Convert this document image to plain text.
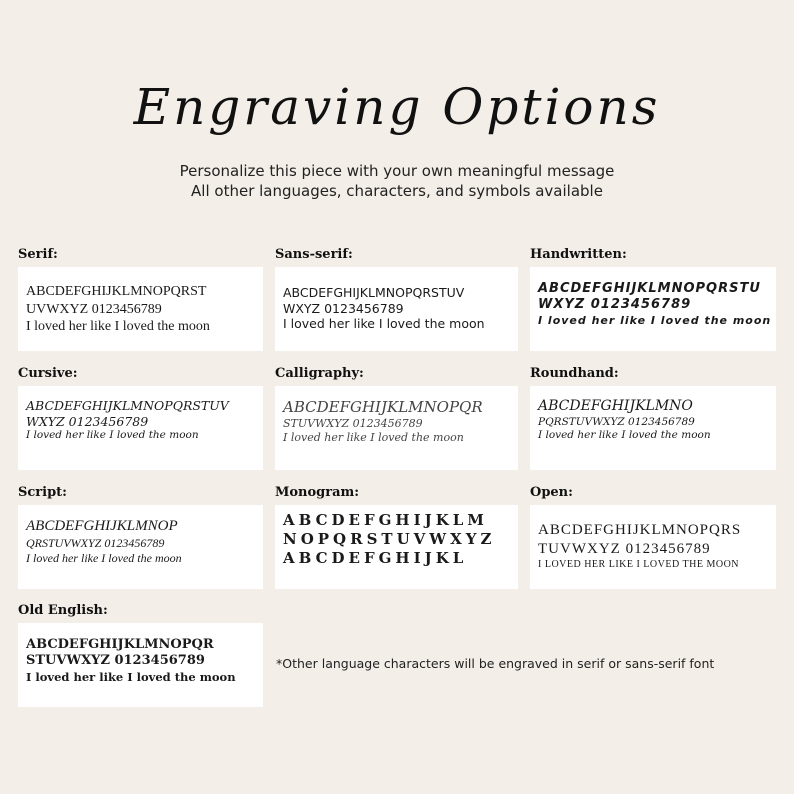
Engraving Options
Personalize this piece with your own meaningful message
All other languages, characters, and symbols available
Serif:
ABCDEFGHIJKLMNOPQRST
UVWXYZ 0123456789
I loved her like I loved the moon
Sans-serif:
ABCDEFGHIJKLMNOPQRSTUV
WXYZ 0123456789
I loved her like I loved the moon
Handwritten:
ABCDEFGHIJKLMNOPQRSTU
WXYZ 0123456789
I loved her like I loved the moon
Cursive:
ABCDEFGHIJKLMNOPQRSTUV
WXYZ 0123456789
I loved her like I loved the moon
Calligraphy:
ABCDEFGHIJKLMNOPQR
STUVWXYZ 0123456789
I loved her like I loved the moon
Roundhand:
ABCDEFGHIJKLMNO
PQRSTUVWXYZ 0123456789
I loved her like I loved the moon
Script:
ABCDEFGHIJKLMNOP
QRSTUVWXYZ 0123456789
I loved her like I loved the moon
Monogram:
ABCDEFGHIJKLM
NOPQRSTUVWXYZ
ABCDEFGHIJKL
Open:
ABCDEFGHIJKLMNOPQRS
TUVWXYZ 0123456789
I LOVED HER LIKE I LOVED THE MOON
Old English:
ABCDEFGHIJKLMNOPQR
STUVWXYZ 0123456789
I loved her like I loved the moon
*Other language characters will be engraved in serif or sans-serif font
